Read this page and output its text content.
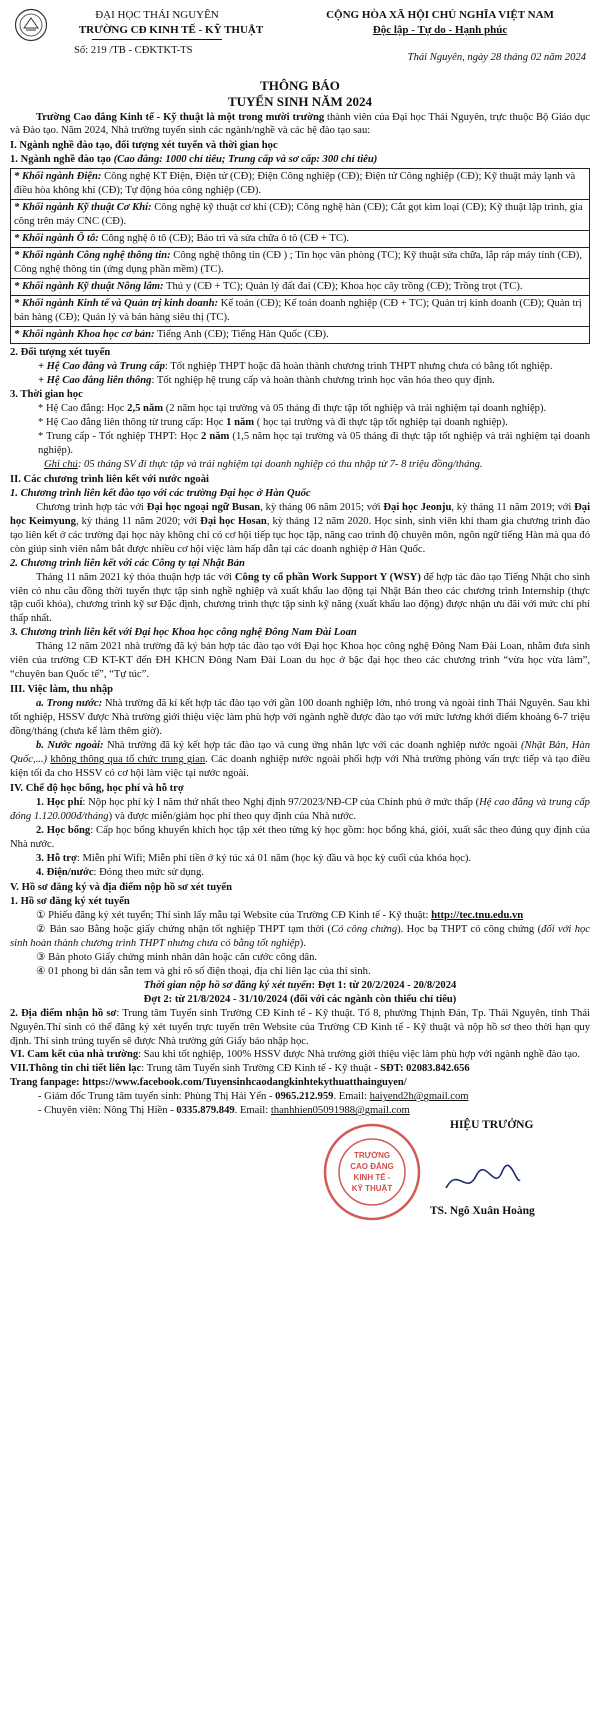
ĐẠI HỌC THÁI NGUYÊN
TRƯỜNG CĐ KINH TẾ - KỸ THUẬT
Số: 219 /TB - CĐKTKT-TS
CỘNG HÒA XÃ HỘI CHỦ NGHĨA VIỆT NAM
Độc lập - Tự do - Hạnh phúc
Thái Nguyên, ngày 28 tháng 02 năm 2024
THÔNG BÁO
TUYỂN SINH NĂM 2024

Trường Cao đẳng Kinh tế - Kỹ thuật là một trong mười trường thành viên của Đại học Thái Nguyên, trực thuộc Bộ Giáo dục và Đào tạo. Năm 2024, Nhà trường tuyển sinh các ngành/nghề và các hệ đào tạo sau:

I. Ngành nghề đào tạo, đối tượng xét tuyển và thời gian học

1. Ngành nghề đào tạo (Cao đẳng: 1000 chỉ tiêu; Trung cấp và sơ cấp: 300 chỉ tiêu)

* Khối ngành Điện: Công nghệ KT Điện, Điện tử (CĐ); Điện Công nghiệp (CĐ); Điện tử Công nghiệp (CĐ); Kỹ thuật máy lạnh và điều hòa không khí (CĐ); Tự động hóa công nghiệp (CĐ).
* Khối ngành Kỹ thuật Cơ Khí: Công nghệ kỹ thuật cơ khí (CĐ); Công nghệ hàn (CĐ); Cắt gọt kim loại (CĐ); Kỹ thuật lập trình, gia công trên máy CNC (CĐ).
* Khối ngành Ô tô: Công nghệ ô tô (CĐ); Bảo trì và sửa chữa ô tô (CĐ + TC).
* Khối ngành Công nghệ thông tin: Công nghệ thông tin (CĐ ) ; Tin học văn phòng (TC); Kỹ thuật sửa chữa, lắp ráp máy tính (CĐ), Công nghệ thông tin (ứng dụng phần mềm) (TC).
* Khối ngành Kỹ thuật Nông lâm: Thú y (CĐ + TC); Quản lý đất đai (CĐ); Khoa học cây trồng (CĐ); Trồng trọt (TC).
* Khối ngành Kinh tế và Quản trị kinh doanh: Kế toán (CĐ); Kế toán doanh nghiệp (CĐ + TC); Quản trị kinh doanh (CĐ); Quản trị bán hàng (CĐ); Quản lý và bán hàng siêu thị (TC).
* Khối ngành Khoa học cơ bản: Tiếng Anh (CĐ); Tiếng Hàn Quốc (CĐ).
2. Đối tượng xét tuyển

+ Hệ Cao đẳng và Trung cấp: Tốt nghiệp THPT hoặc đã hoàn thành chương trình THPT nhưng chưa có bằng tốt nghiệp.

+ Hệ Cao đẳng liên thông: Tốt nghiệp hệ trung cấp và hoàn thành chương trình học văn hóa theo quy định.

3. Thời gian học

* Hệ Cao đẳng: Học 2,5 năm (2 năm học tại trường và 05 tháng đi thực tập tốt nghiệp và trải nghiệm tại doanh nghiệp).

* Hệ Cao đẳng liên thông từ trung cấp: Học 1 năm ( học tại trường và đi thực tập tốt nghiệp tại doanh nghiệp).

* Trung cấp - Tốt nghiệp THPT: Học 2 năm (1,5 năm học tại trường và 05 tháng đi thực tập tốt nghiệp và trải nghiệm tại doanh nghiệp).

Ghi chú: 05 tháng SV đi thực tập và trải nghiệm tại doanh nghiệp có thu nhập từ 7- 8 triệu đồng/tháng.

II. Các chương trình liên kết với nước ngoài
1. Chương trình liên kết đào tạo với các trường Đại học ở Hàn Quốc

Chương trình hợp tác với Đại học ngoại ngữ Busan, kỳ tháng 06 năm 2015; với Đại học Jeonju, kỳ tháng 11 năm 2019; với Đại học Keimyung, kỳ tháng 11 năm 2020; với Đại học Hosan, kỳ tháng 12 năm 2020. Học sinh, sinh viên khi tham gia chương trình đào tạo liên kết ở các trường đại học này không chỉ có cơ hội tiếp tục học tập, nâng cao trình độ chuyên môn, ngôn ngữ tiếng Hàn mà qua đó còn giúp sinh viên nắm bắt được nhiều cơ hội việc làm hấp dẫn tại các doanh nghiệp ở Hàn Quốc.

2. Chương trình liên kết với các Công ty tại Nhật Bản

Tháng 11 năm 2021 ký thỏa thuận hợp tác với Công ty cổ phần Work Support Y (WSY) để hợp tác đào tạo Tiếng Nhật cho sinh viên có nhu cầu đồng thời tuyển thực tập sinh nghề nghiệp và xuất khẩu lao động tại Nhật Bản theo các chương trình Internship (thực tập cuối khóa), chương trình kỹ sư Đặc định, chương trình thực tập sinh kỹ năng (xuất khẩu lao động) được nhận ưu đãi với mức chi phí thấp nhất.

3. Chương trình liên kết với Đại học Khoa học công nghệ Đông Nam Đài Loan

Tháng 12 năm 2021 nhà trường đã ký bản hợp tác đào tạo với Đại học Khoa học công nghệ Đông Nam Đài Loan, nhằm đưa sinh viên của trường CĐ KT-KT đến ĐH KHCN Đông Nam Đài Loan du học ở bậc đại học theo các chương trình “vừa học vừa làm”, “chuyên ban Quốc tế”, “Tự túc”.

III. Việc làm, thu nhập

a. Trong nước: Nhà trường đã kí kết hợp tác đào tạo với gần 100 doanh nghiệp lớn, nhỏ trong và ngoài tỉnh Thái Nguyên. Sau khi tốt nghiệp, HSSV được Nhà trường giới thiệu việc làm phù hợp với ngành nghề được đào tạo với mức lương khởi điểm khoảng 6-7 triệu đồng/tháng (chưa kể làm thêm giờ).

b. Nước ngoài: Nhà trường đã ký kết hợp tác đào tạo và cung ứng nhân lực với các doanh nghiệp nước ngoài (Nhật Bản, Hàn Quốc,...) không thông qua tổ chức trung gian. Các doanh nghiệp nước ngoài phối hợp với Nhà trường phỏng vấn trực tiếp và tạo điều kiện tối đa cho HSSV có cơ hội làm việc tại nước ngoài.

IV. Chế độ học bổng, học phí và hỗ trợ

1. Học phí: Nộp học phí kỳ I năm thứ nhất theo Nghị định 97/2023/NĐ-CP của Chính phủ ở mức thấp (Hệ cao đẳng và trung cấp đóng 1.120.000đ/tháng) và được miễn/giảm học phí theo quy định của Nhà nước.

2. Học bổng: Cấp học bổng khuyến khích học tập xét theo từng kỳ học gồm: học bổng khá, giỏi, xuất sắc theo đúng quy định của Nhà nước.

3. Hỗ trợ: Miễn phí Wifi; Miễn phí tiền ở ký túc xá 01 năm (học kỳ đầu và học kỳ cuối của khóa học).

4. Điện/nước: Đóng theo mức sử dụng.

V. Hồ sơ đăng ký và địa điểm nộp hồ sơ xét tuyển
1. Hồ sơ đăng ký xét tuyển

① Phiếu đăng ký xét tuyển; Thí sinh lấy mẫu tại Website của Trường CĐ Kinh tế - Kỹ thuật: http://tec.tnu.edu.vn

② Bản sao Bằng hoặc giấy chứng nhận tốt nghiệp THPT tạm thời (Có công chứng). Học bạ THPT có công chứng (đối với học sinh hoàn thành chương trình THPT nhưng chưa có bằng tốt nghiệp).

③ Bản photo Giấy chứng minh nhân dân hoặc căn cước công dân.

④ 01 phong bì dán sẵn tem và ghi rõ số điện thoại, địa chỉ liên lạc của thí sinh.

Thời gian nộp hồ sơ đăng ký xét tuyển: Đợt 1: từ 20/2/2024 - 20/8/2024

Đợt 2: từ 21/8/2024 - 31/10/2024 (đối với các ngành còn thiếu chỉ tiêu)

2. Địa điểm nhận hồ sơ: Trung tâm Tuyển sinh Trường CĐ Kinh tế - Kỹ thuật. Tổ 8, phường Thịnh Đán, Tp. Thái Nguyên, tỉnh Thái Nguyên.Thí sinh có thể đăng ký xét tuyển trực tuyến trên Website của Trường CĐ Kinh tế - Kỹ thuật và nộp hồ sơ theo thời hạn quy định. Thí sinh trúng tuyển sẽ được Nhà trường gửi Giấy báo nhập học.

VI. Cam kết của nhà trường: Sau khi tốt nghiệp, 100% HSSV được Nhà trường giới thiệu việc làm phù hợp với ngành nghề đào tạo.

VII.Thông tin chi tiết liên lạc: Trung tâm Tuyển sinh Trường CĐ Kinh tế - Kỹ thuật - SĐT: 02083.842.656

Trang fanpage: https://www.facebook.com/Tuyensinhcaodangkinhtekythuatthainguyen/

- Giám đốc Trung tâm tuyển sinh: Phùng Thị Hải Yến - 0965.212.959. Email: haiyend2h@gmail.com

- Chuyên viên: Nông Thị Hiền - 0335.879.849. Email: thanhhien05091988@gmail.com

TRƯỜNG
CAO ĐẲNG
KINH TẾ -
KỸ THUẬT
HIỆU TRƯỞNG
TS. Ngô Xuân Hoàng
